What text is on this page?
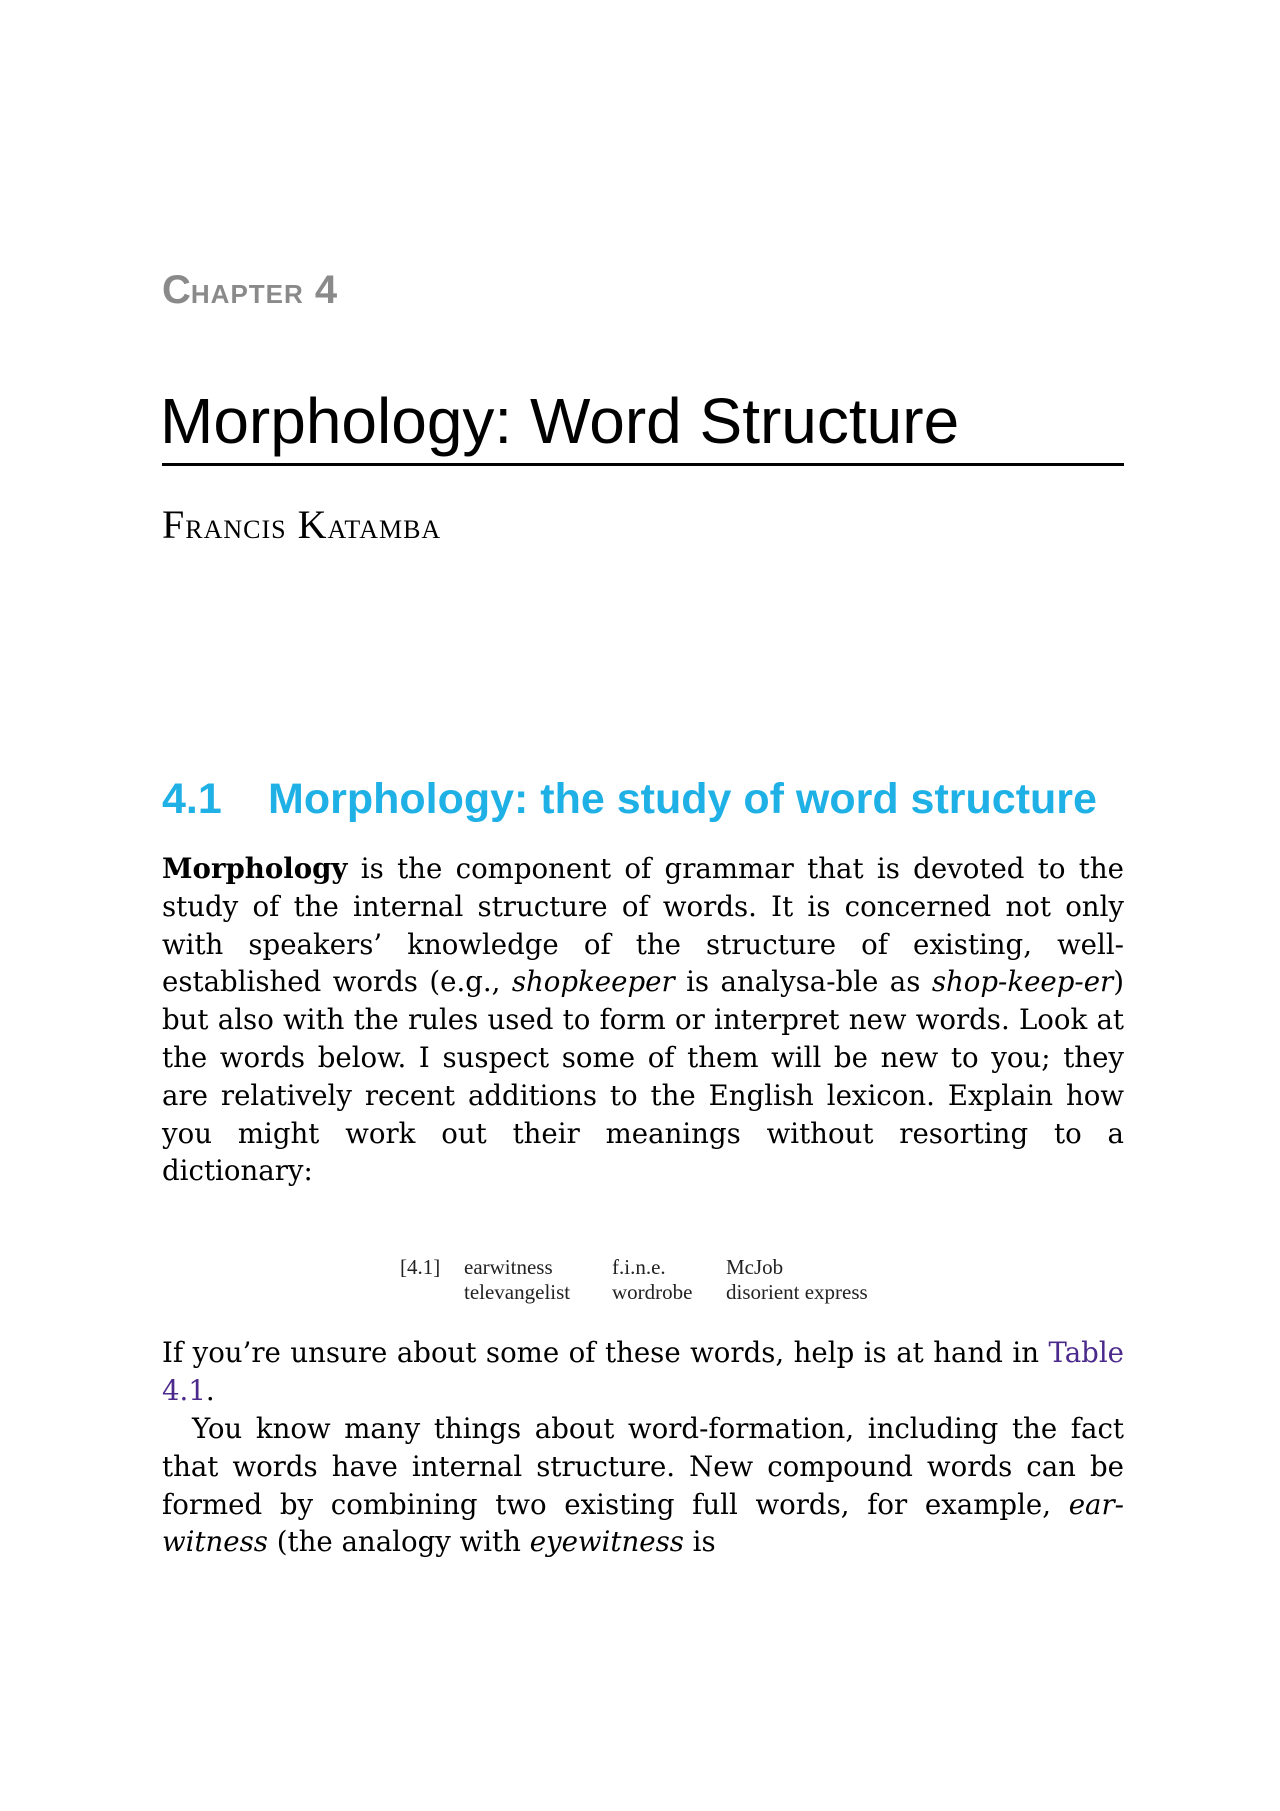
CHAPTER 4
Morphology: Word Structure
FRANCIS KATAMBA
4.1 Morphology: the study of word structure

Morphology is the component of grammar that is devoted to the study of the internal structure of words. It is concerned not only with speakers’ knowledge of the structure of existing, well-established words (e.g., shopkeeper is analysa-ble as shop-keep-er) but also with the rules used to form or interpret new words. Look at the words below. I suspect some of them will be new to you; they are relatively recent additions to the English lexicon. Explain how you might work out their meanings without resorting to a dictionary:

[4.1] earwitness
televangelist
f.i.n.e.
wordrobe
McJob
disorient express

If you’re unsure about some of these words, help is at hand in Table 4.1.

You know many things about word-formation, including the fact that words have internal structure. New compound words can be formed by combining two existing full words, for example, ear-witness (the analogy with eyewitness is
